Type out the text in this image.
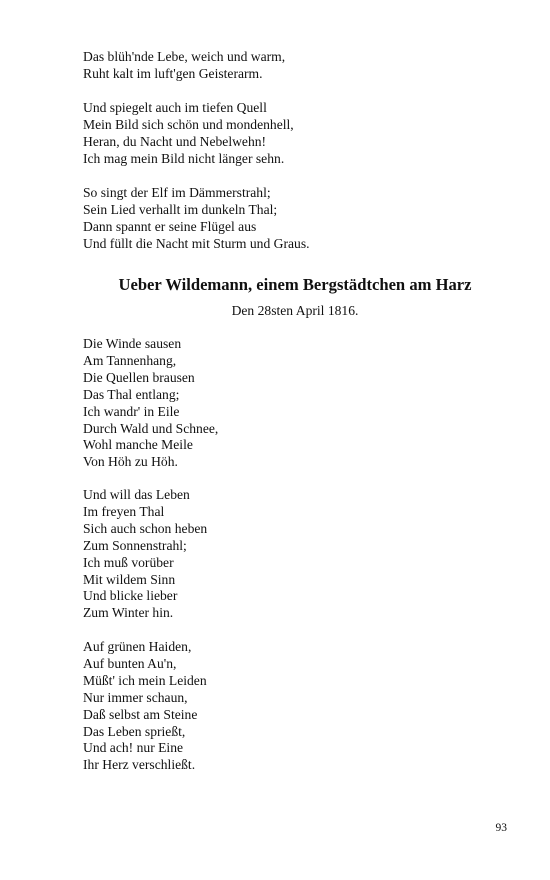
Das blüh'nde Lebe, weich und warm,
Ruht kalt im luft'gen Geisterarm.
Und spiegelt auch im tiefen Quell
Mein Bild sich schön und mondenhell,
Heran, du Nacht und Nebelwehn!
Ich mag mein Bild nicht länger sehn.
So singt der Elf im Dämmerstrahl;
Sein Lied verhallt im dunkeln Thal;
Dann spannt er seine Flügel aus
Und füllt die Nacht mit Sturm und Graus.
Ueber Wildemann, einem Bergstädtchen am Harz

Den 28sten April 1816.

Die Winde sausen
Am Tannenhang,
Die Quellen brausen
Das Thal entlang;
Ich wandr' in Eile
Durch Wald und Schnee,
Wohl manche Meile
Von Höh zu Höh.
Und will das Leben
Im freyen Thal
Sich auch schon heben
Zum Sonnenstrahl;
Ich muß vorüber
Mit wildem Sinn
Und blicke lieber
Zum Winter hin.
Auf grünen Haiden,
Auf bunten Au'n,
Müßt' ich mein Leiden
Nur immer schaun,
Daß selbst am Steine
Das Leben sprießt,
Und ach! nur Eine
Ihr Herz verschließt.
93
